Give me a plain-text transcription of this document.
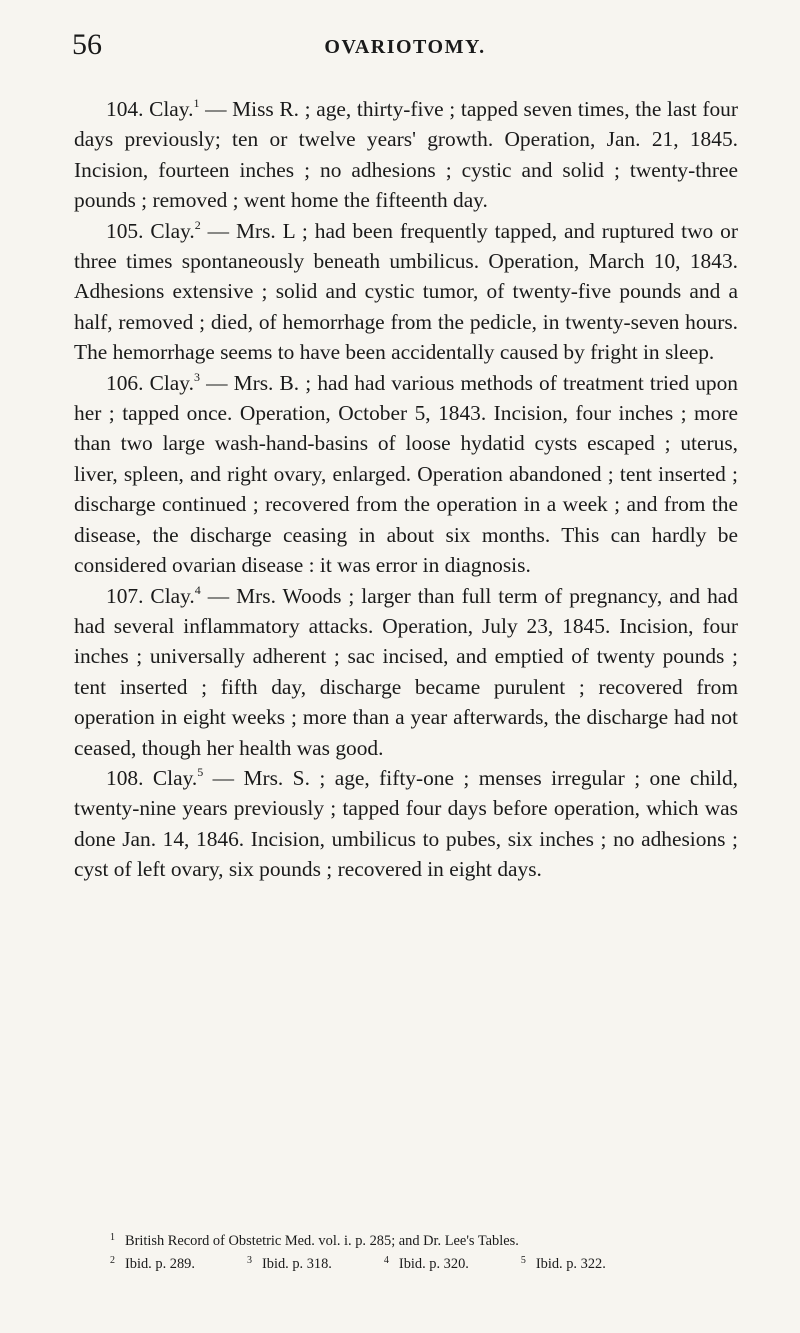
56	OVARIOTOMY.

104. Clay.$^1$ — Miss R. ; age, thirty-five ; tapped seven times, the last four days previously; ten or twelve years' growth. Operation, Jan. 21, 1845. Incision, fourteen inches ; no adhesions ; cystic and solid ; twenty-three pounds ; removed ; went home the fifteenth day.

105. Clay.$^2$ — Mrs. L ; had been frequently tapped, and ruptured two or three times spontaneously beneath umbilicus. Operation, March 10, 1843. Adhesions extensive ; solid and cystic tumor, of twenty-five pounds and a half, removed ; died, of hemorrhage from the pedicle, in twenty-seven hours. The hemorrhage seems to have been accidentally caused by fright in sleep.

106. Clay.$^3$ — Mrs. B. ; had had various methods of treatment tried upon her ; tapped once. Operation, October 5, 1843. Incision, four inches ; more than two large wash-hand-basins of loose hydatid cysts escaped ; uterus, liver, spleen, and right ovary, enlarged. Operation abandoned ; tent inserted ; discharge continued ; recovered from the operation in a week ; and from the disease, the discharge ceasing in about six months. This can hardly be considered ovarian disease : it was error in diagnosis.

107. Clay.$^4$ — Mrs. Woods ; larger than full term of pregnancy, and had had several inflammatory attacks. Operation, July 23, 1845. Incision, four inches ; universally adherent ; sac incised, and emptied of twenty pounds ; tent inserted ; fifth day, discharge became purulent ; recovered from operation in eight weeks ; more than a year afterwards, the discharge had not ceased, though her health was good.

108. Clay.$^5$ — Mrs. S. ; age, fifty-one ; menses irregular ; one child, twenty-nine years previously ; tapped four days before operation, which was done Jan. 14, 1846. Incision, umbilicus to pubes, six inches ; no adhesions ; cyst of left ovary, six pounds ; recovered in eight days.

$^1$ British Record of Obstetric Med. vol. i. p. 285; and Dr. Lee's Tables.
$^2$ Ibid. p. 289.	$^3$ Ibid. p. 318.	$^4$ Ibid. p. 320.	$^5$ Ibid. p. 322.
